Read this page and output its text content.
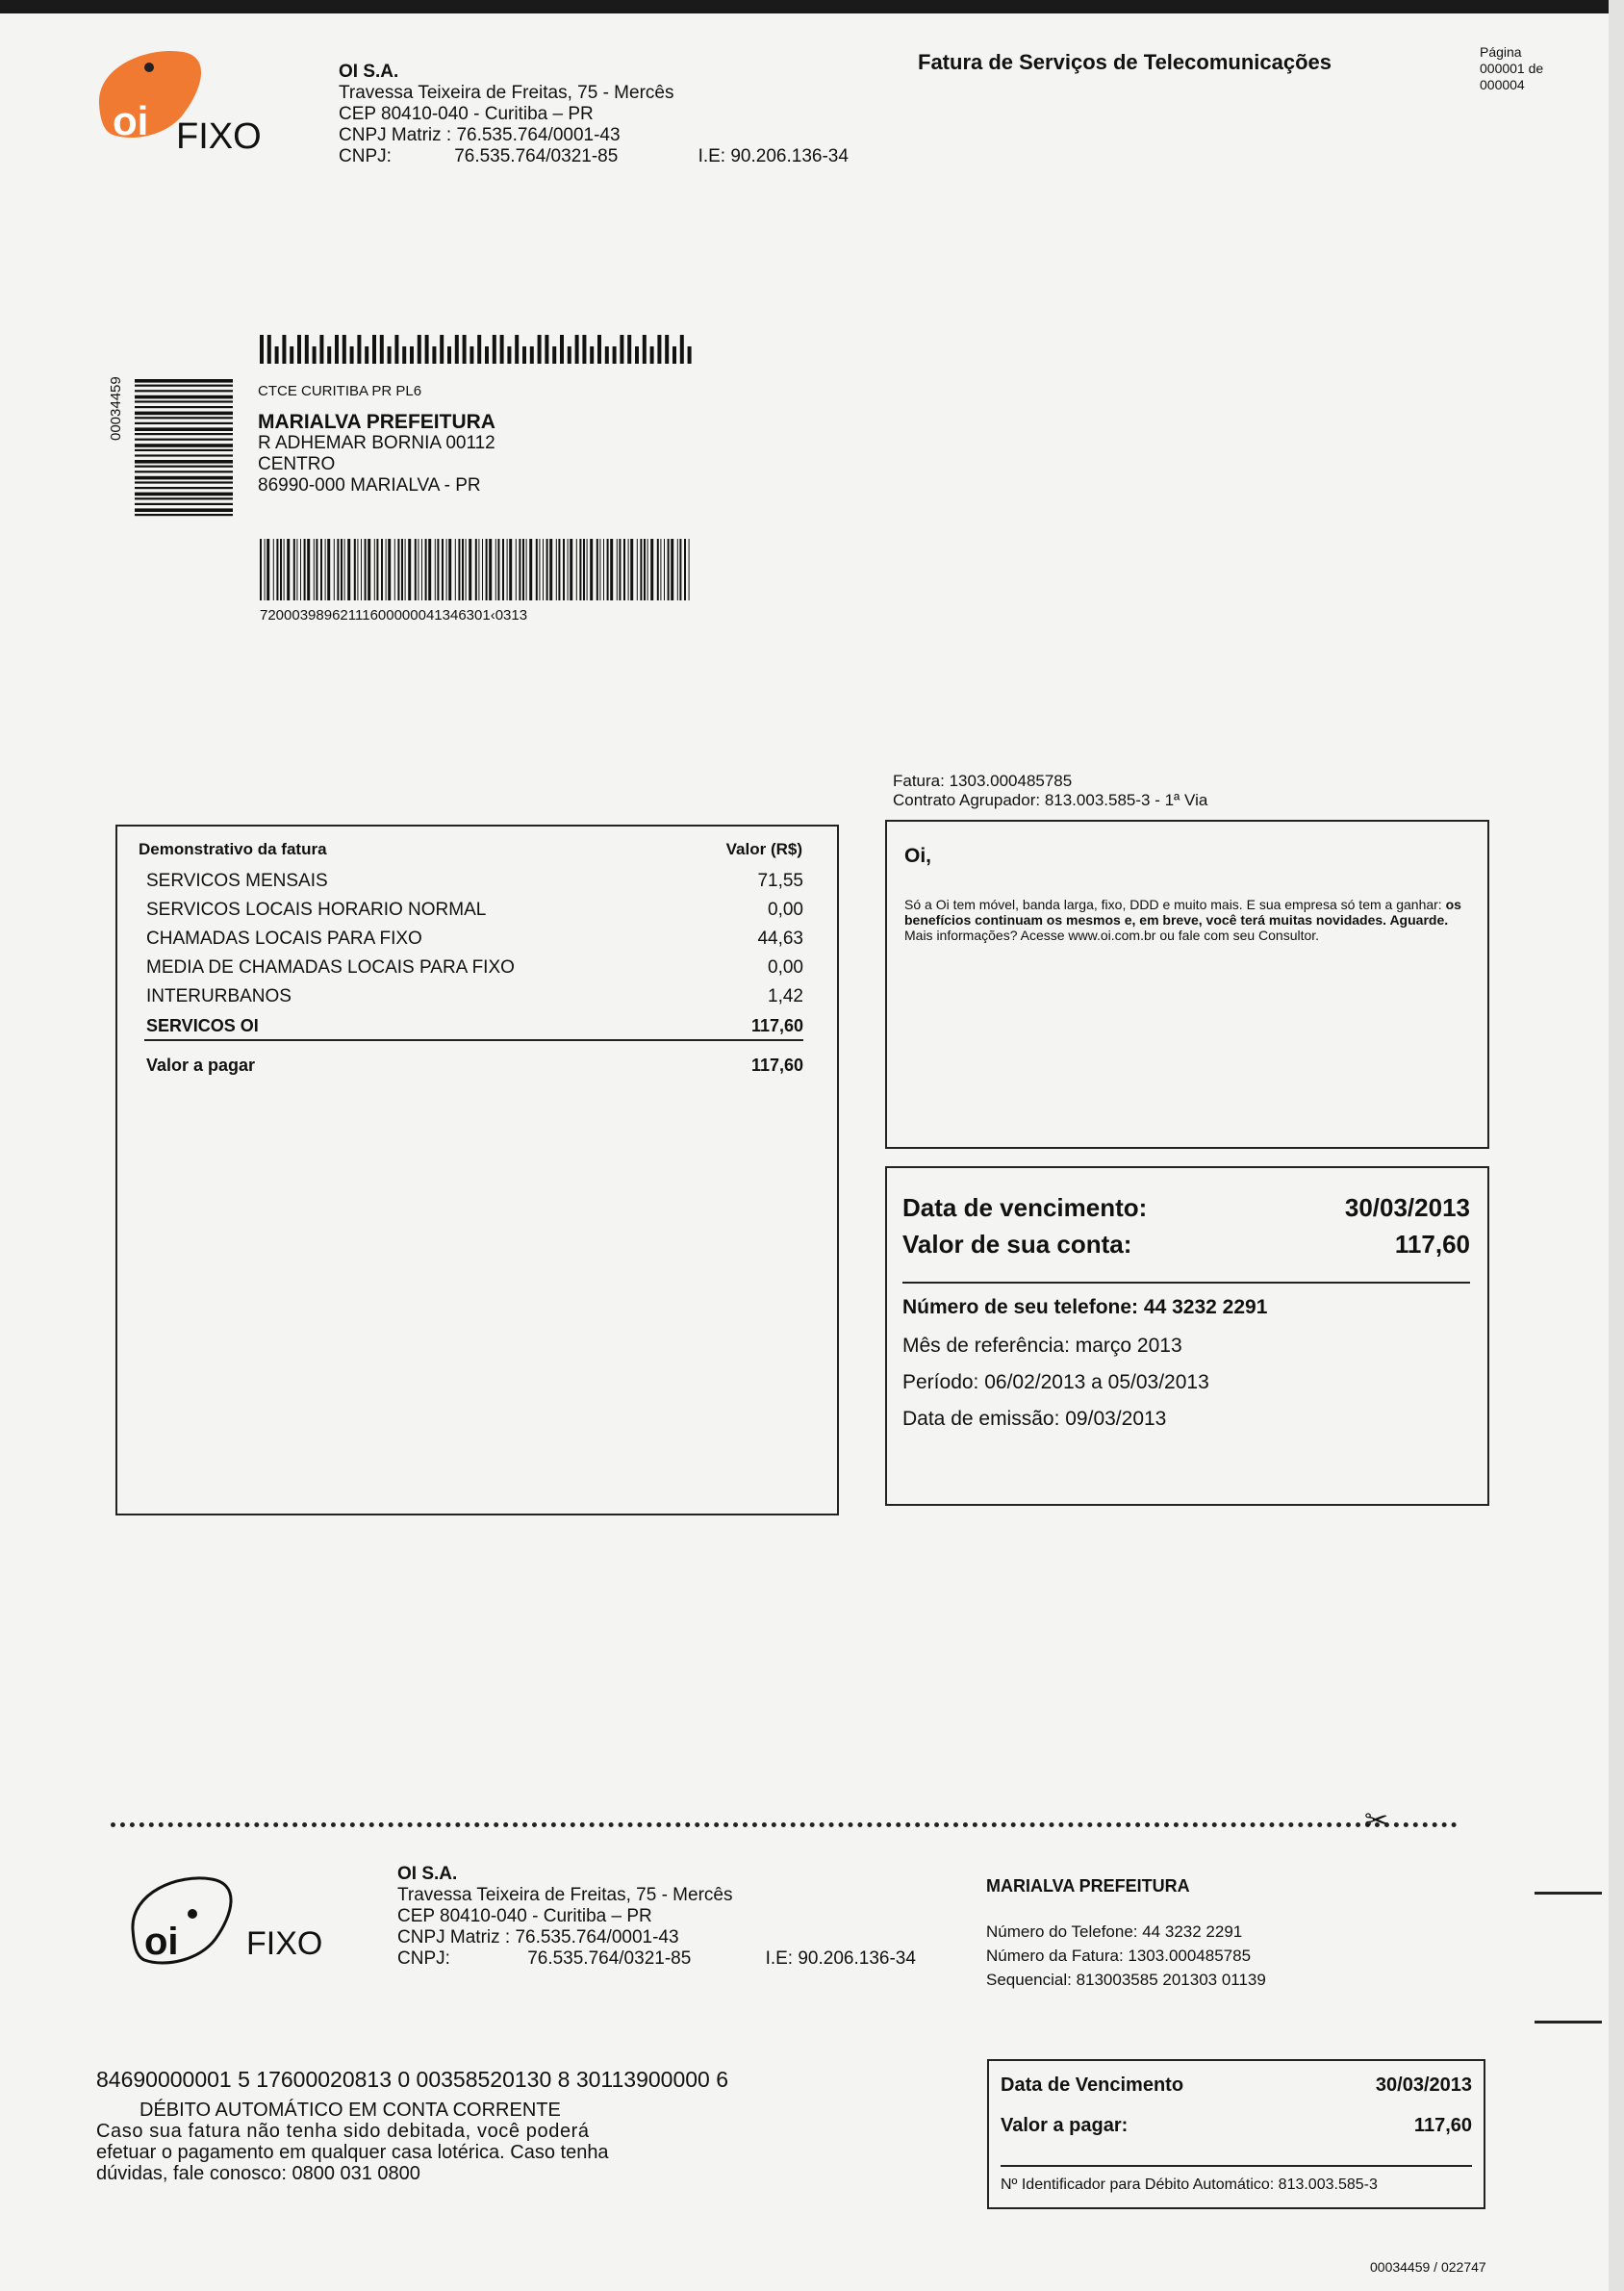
oi FIXO
OI S.A.
Travessa Teixeira de Freitas, 75 - Mercês
CEP 80410-040 - Curitiba – PR
CNPJ Matriz : 76.535.764/0001-43
CNPJ:	76.535.764/0321-85	I.E: 90.206.136-34
Fatura de Serviços de Telecomunicações	Página
000001 de
000004
00034459	CTCE CURITIBA PR PL6
MARIALVA PREFEITURA
R ADHEMAR BORNIA 00112
CENTRO
86990-000 MARIALVA - PR
72000398962111600000041346301‹0313
Fatura: 1303.000485785
Contrato Agrupador: 813.003.585-3 - 1ª Via
Demonstrativo da fatura	Valor (R$)
SERVICOS MENSAIS	71,55
SERVICOS LOCAIS HORARIO NORMAL	0,00
CHAMADAS LOCAIS PARA FIXO	44,63
MEDIA DE CHAMADAS LOCAIS PARA FIXO	0,00
INTERURBANOS	1,42
SERVICOS OI	117,60
Valor a pagar	117,60
Oi,
Só a Oi tem móvel, banda larga, fixo, DDD e muito mais. E sua empresa só tem a ganhar: os benefícios continuam os mesmos e, em breve, você terá muitas novidades. Aguarde.
Mais informações? Acesse www.oi.com.br ou fale com seu Consultor.
Data de vencimento:	30/03/2013
Valor de sua conta:	117,60
Número de seu telefone: 44 3232 2291
Mês de referência: março 2013
Período: 06/02/2013 a 05/03/2013
Data de emissão: 09/03/2013
✂
oi FIXO
OI S.A.
Travessa Teixeira de Freitas, 75 - Mercês
CEP 80410-040 - Curitiba – PR
CNPJ Matriz : 76.535.764/0001-43
CNPJ:	76.535.764/0321-85	I.E: 90.206.136-34
MARIALVA PREFEITURA
Número do Telefone: 44 3232 2291
Número da Fatura: 1303.000485785
Sequencial: 813003585 201303 01139
84690000001 5 17600020813 0 00358520130 8 30113900000 6
DÉBITO AUTOMÁTICO EM CONTA CORRENTE
Caso sua fatura não tenha sido debitada, você poderá
efetuar o pagamento em qualquer casa lotérica. Caso tenha
dúvidas, fale conosco: 0800 031 0800
Data de Vencimento	30/03/2013
Valor a pagar:	117,60
Nº Identificador para Débito Automático: 813.003.585-3
00034459 / 022747
